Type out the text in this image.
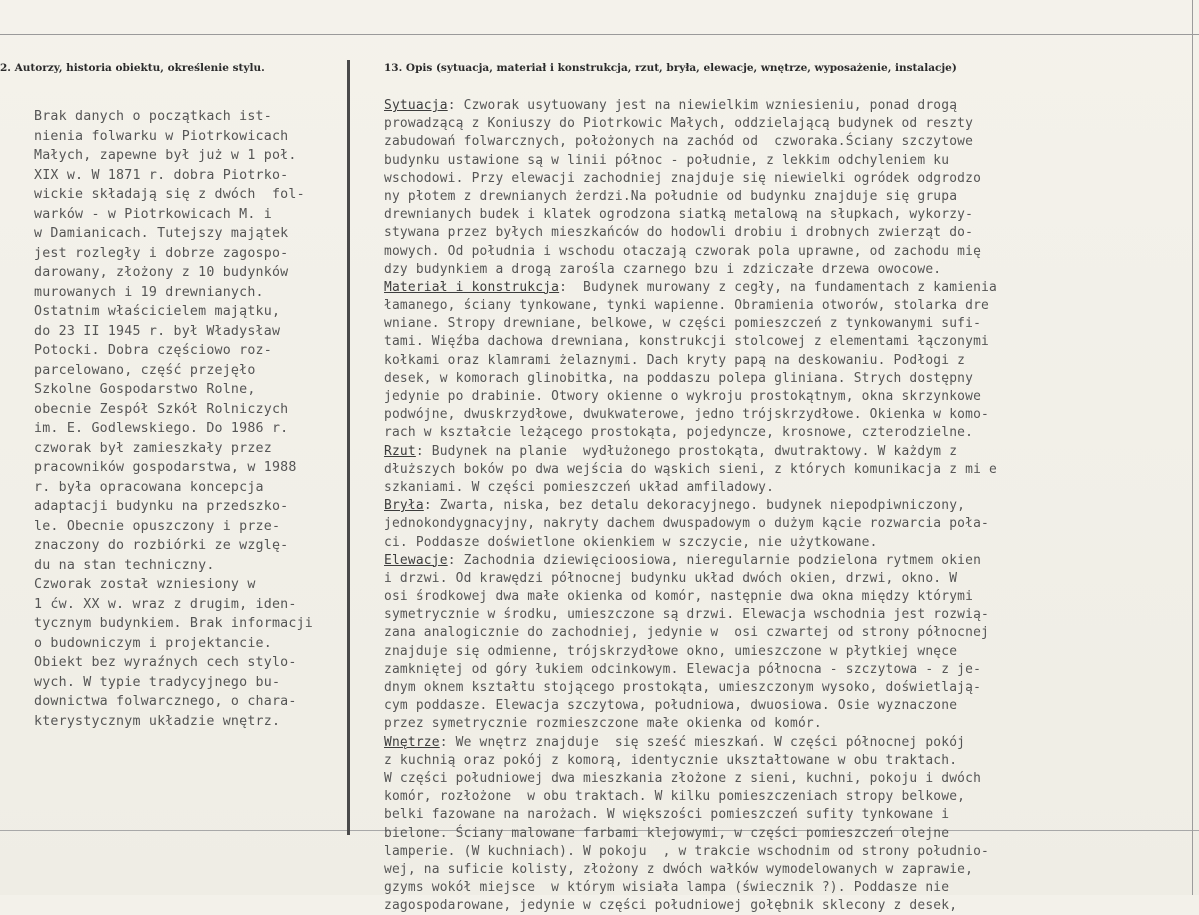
2. Autorzy, historia obiektu, określenie stylu.	13. Opis (sytuacja, materiał i konstrukcja, rzut, bryła, elewacje, wnętrze, wyposażenie, instalacje)
Brak danych o początkach ist-
nienia folwarku w Piotrkowicach
Małych, zapewne był już w 1 poł.
XIX w. W 1871 r. dobra Piotrko-
wickie składają się z dwóch  fol-
warków - w Piotrkowicach M. i
w Damianicach. Tutejszy majątek
jest rozległy i dobrze zagospo-
darowany, złożony z 10 budynków
murowanych i 19 drewnianych.
Ostatnim właścicielem majątku,
do 23 II 1945 r. był Władysław
Potocki. Dobra częściowo roz-
parcelowano, część przejęło
Szkolne Gospodarstwo Rolne,
obecnie Zespół Szkół Rolniczych
im. E. Godlewskiego. Do 1986 r.
czworak był zamieszkały przez
pracowników gospodarstwa, w 1988
r. była opracowana koncepcja
adaptacji budynku na przedszko-
le. Obecnie opuszczony i prze-
znaczony do rozbiórki ze wzglę-
du na stan techniczny.
Czworak został wzniesiony w
1 ćw. XX w. wraz z drugim, iden-
tycznym budynkiem. Brak informacji
o budowniczym i projektancie.
Obiekt bez wyraźnych cech stylo-
wych. W typie tradycyjnego bu-
downictwa folwarcznego, o chara-
kterystycznym układzie wnętrz.
Sytuacja: Czworak usytuowany jest na niewielkim wzniesieniu, ponad drogą
prowadzącą z Koniuszy do Piotrkowic Małych, oddzielającą budynek od reszty
zabudowań folwarcznych, położonych na zachód od  czworaka.Ściany szczytowe
budynku ustawione są w linii północ - południe, z lekkim odchyleniem ku
wschodowi. Przy elewacji zachodniej znajduje się niewielki ogródek odgrodzo
ny płotem z drewnianych żerdzi.Na południe od budynku znajduje się grupa
drewnianych budek i klatek ogrodzona siatką metalową na słupkach, wykorzy-
stywana przez byłych mieszkańców do hodowli drobiu i drobnych zwierząt do-
mowych. Od południa i wschodu otaczają czworak pola uprawne, od zachodu mię
dzy budynkiem a drogą zarośla czarnego bzu i zdziczałe drzewa owocowe.
Materiał i konstrukcja:  Budynek murowany z cegły, na fundamentach z kamienia
łamanego, ściany tynkowane, tynki wapienne. Obramienia otworów, stolarka dre
wniane. Stropy drewniane, belkowe, w części pomieszczeń z tynkowanymi sufi-
tami. Więźba dachowa drewniana, konstrukcji stolcowej z elementami łączonymi
kołkami oraz klamrami żelaznymi. Dach kryty papą na deskowaniu. Podłogi z
desek, w komorach glinobitka, na poddaszu polepa gliniana. Strych dostępny
jedynie po drabinie. Otwory okienne o wykroju prostokątnym, okna skrzynkowe
podwójne, dwuskrzydłowe, dwukwaterowe, jedno trójskrzydłowe. Okienka w komo-
rach w kształcie leżącego prostokąta, pojedyncze, krosnowe, czterodzielne.
Rzut: Budynek na planie  wydłużonego prostokąta, dwutraktowy. W każdym z
dłuższych boków po dwa wejścia do wąskich sieni, z których komunikacja z mi e
szkaniami. W części pomieszczeń układ amfiladowy.
Bryła: Zwarta, niska, bez detalu dekoracyjnego. budynek niepodpiwniczony,
jednokondygnacyjny, nakryty dachem dwuspadowym o dużym kącie rozwarcia poła-
ci. Poddasze doświetlone okienkiem w szczycie, nie użytkowane.
Elewacje: Zachodnia dziewięcioosiowa, nieregularnie podzielona rytmem okien
i drzwi. Od krawędzi północnej budynku układ dwóch okien, drzwi, okno. W
osi środkowej dwa małe okienka od komór, następnie dwa okna między którymi
symetrycznie w środku, umieszczone są drzwi. Elewacja wschodnia jest rozwią-
zana analogicznie do zachodniej, jedynie w  osi czwartej od strony północnej
znajduje się odmienne, trójskrzydłowe okno, umieszczone w płytkiej wnęce
zamkniętej od góry łukiem odcinkowym. Elewacja północna - szczytowa - z je-
dnym oknem kształtu stojącego prostokąta, umieszczonym wysoko, doświetlają-
cym poddasze. Elewacja szczytowa, południowa, dwuosiowa. Osie wyznaczone
przez symetrycznie rozmieszczone małe okienka od komór.
Wnętrze: We wnętrz znajduje  się sześć mieszkań. W części północnej pokój
z kuchnią oraz pokój z komorą, identycznie ukształtowane w obu traktach.
W części południowej dwa mieszkania złożone z sieni, kuchni, pokoju i dwóch
komór, rozłożone  w obu traktach. W kilku pomieszczeniach stropy belkowe,
belki fazowane na narożach. W większości pomieszczeń sufity tynkowane i
bielone. Ściany malowane farbami klejowymi, w części pomieszczeń olejne
lamperie. (W kuchniach). W pokoju  , w trakcie wschodnim od strony południo-
wej, na suficie kolisty, złożony z dwóch wałków wymodelowanych w zaprawie,
gzyms wokół miejsce  w którym wisiała lampa (świecznik ?). Poddasze nie
zagospodarowane, jedynie w części południowej gołębnik sklecony z desek,
